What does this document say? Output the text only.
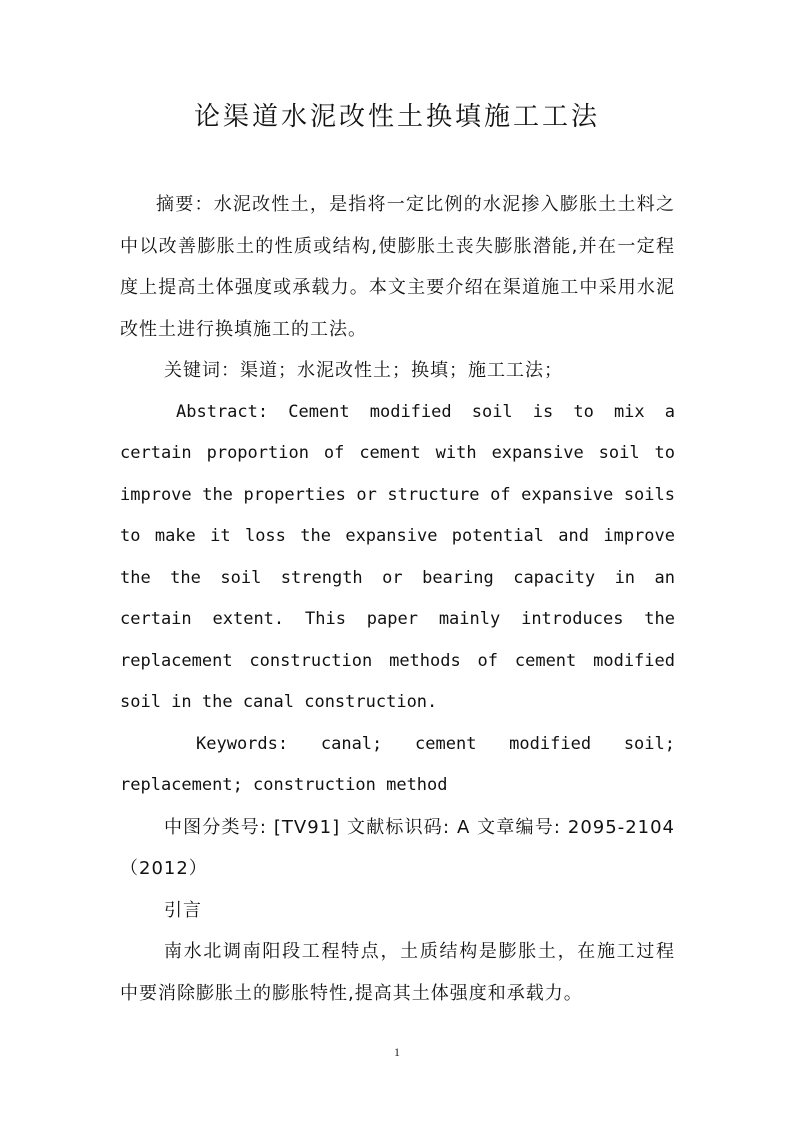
论渠道水泥改性土换填施工工法

摘要：水泥改性土，是指将一定比例的水泥掺入膨胀土土料之中以改善膨胀土的性质或结构,使膨胀土丧失膨胀潜能,并在一定程度上提高土体强度或承载力。本文主要介绍在渠道施工中采用水泥改性土进行换填施工的工法。

关键词：渠道；水泥改性土；换填；施工工法；

Abstract: Cement modified soil is to mix a certain proportion of cement with expansive soil to improve the properties or structure of expansive soils to make it loss the expansive potential and improve the the soil strength or bearing capacity in an certain extent. This paper mainly introduces the replacement construction methods of cement modified soil in the canal construction.

Keywords: canal; cement modified soil; replacement; construction method

中图分类号: [TV91] 文献标识码: A 文章编号: 2095-2104（2012）

引言

南水北调南阳段工程特点，土质结构是膨胀土，在施工过程中要消除膨胀土的膨胀特性,提高其土体强度和承载力。

1
